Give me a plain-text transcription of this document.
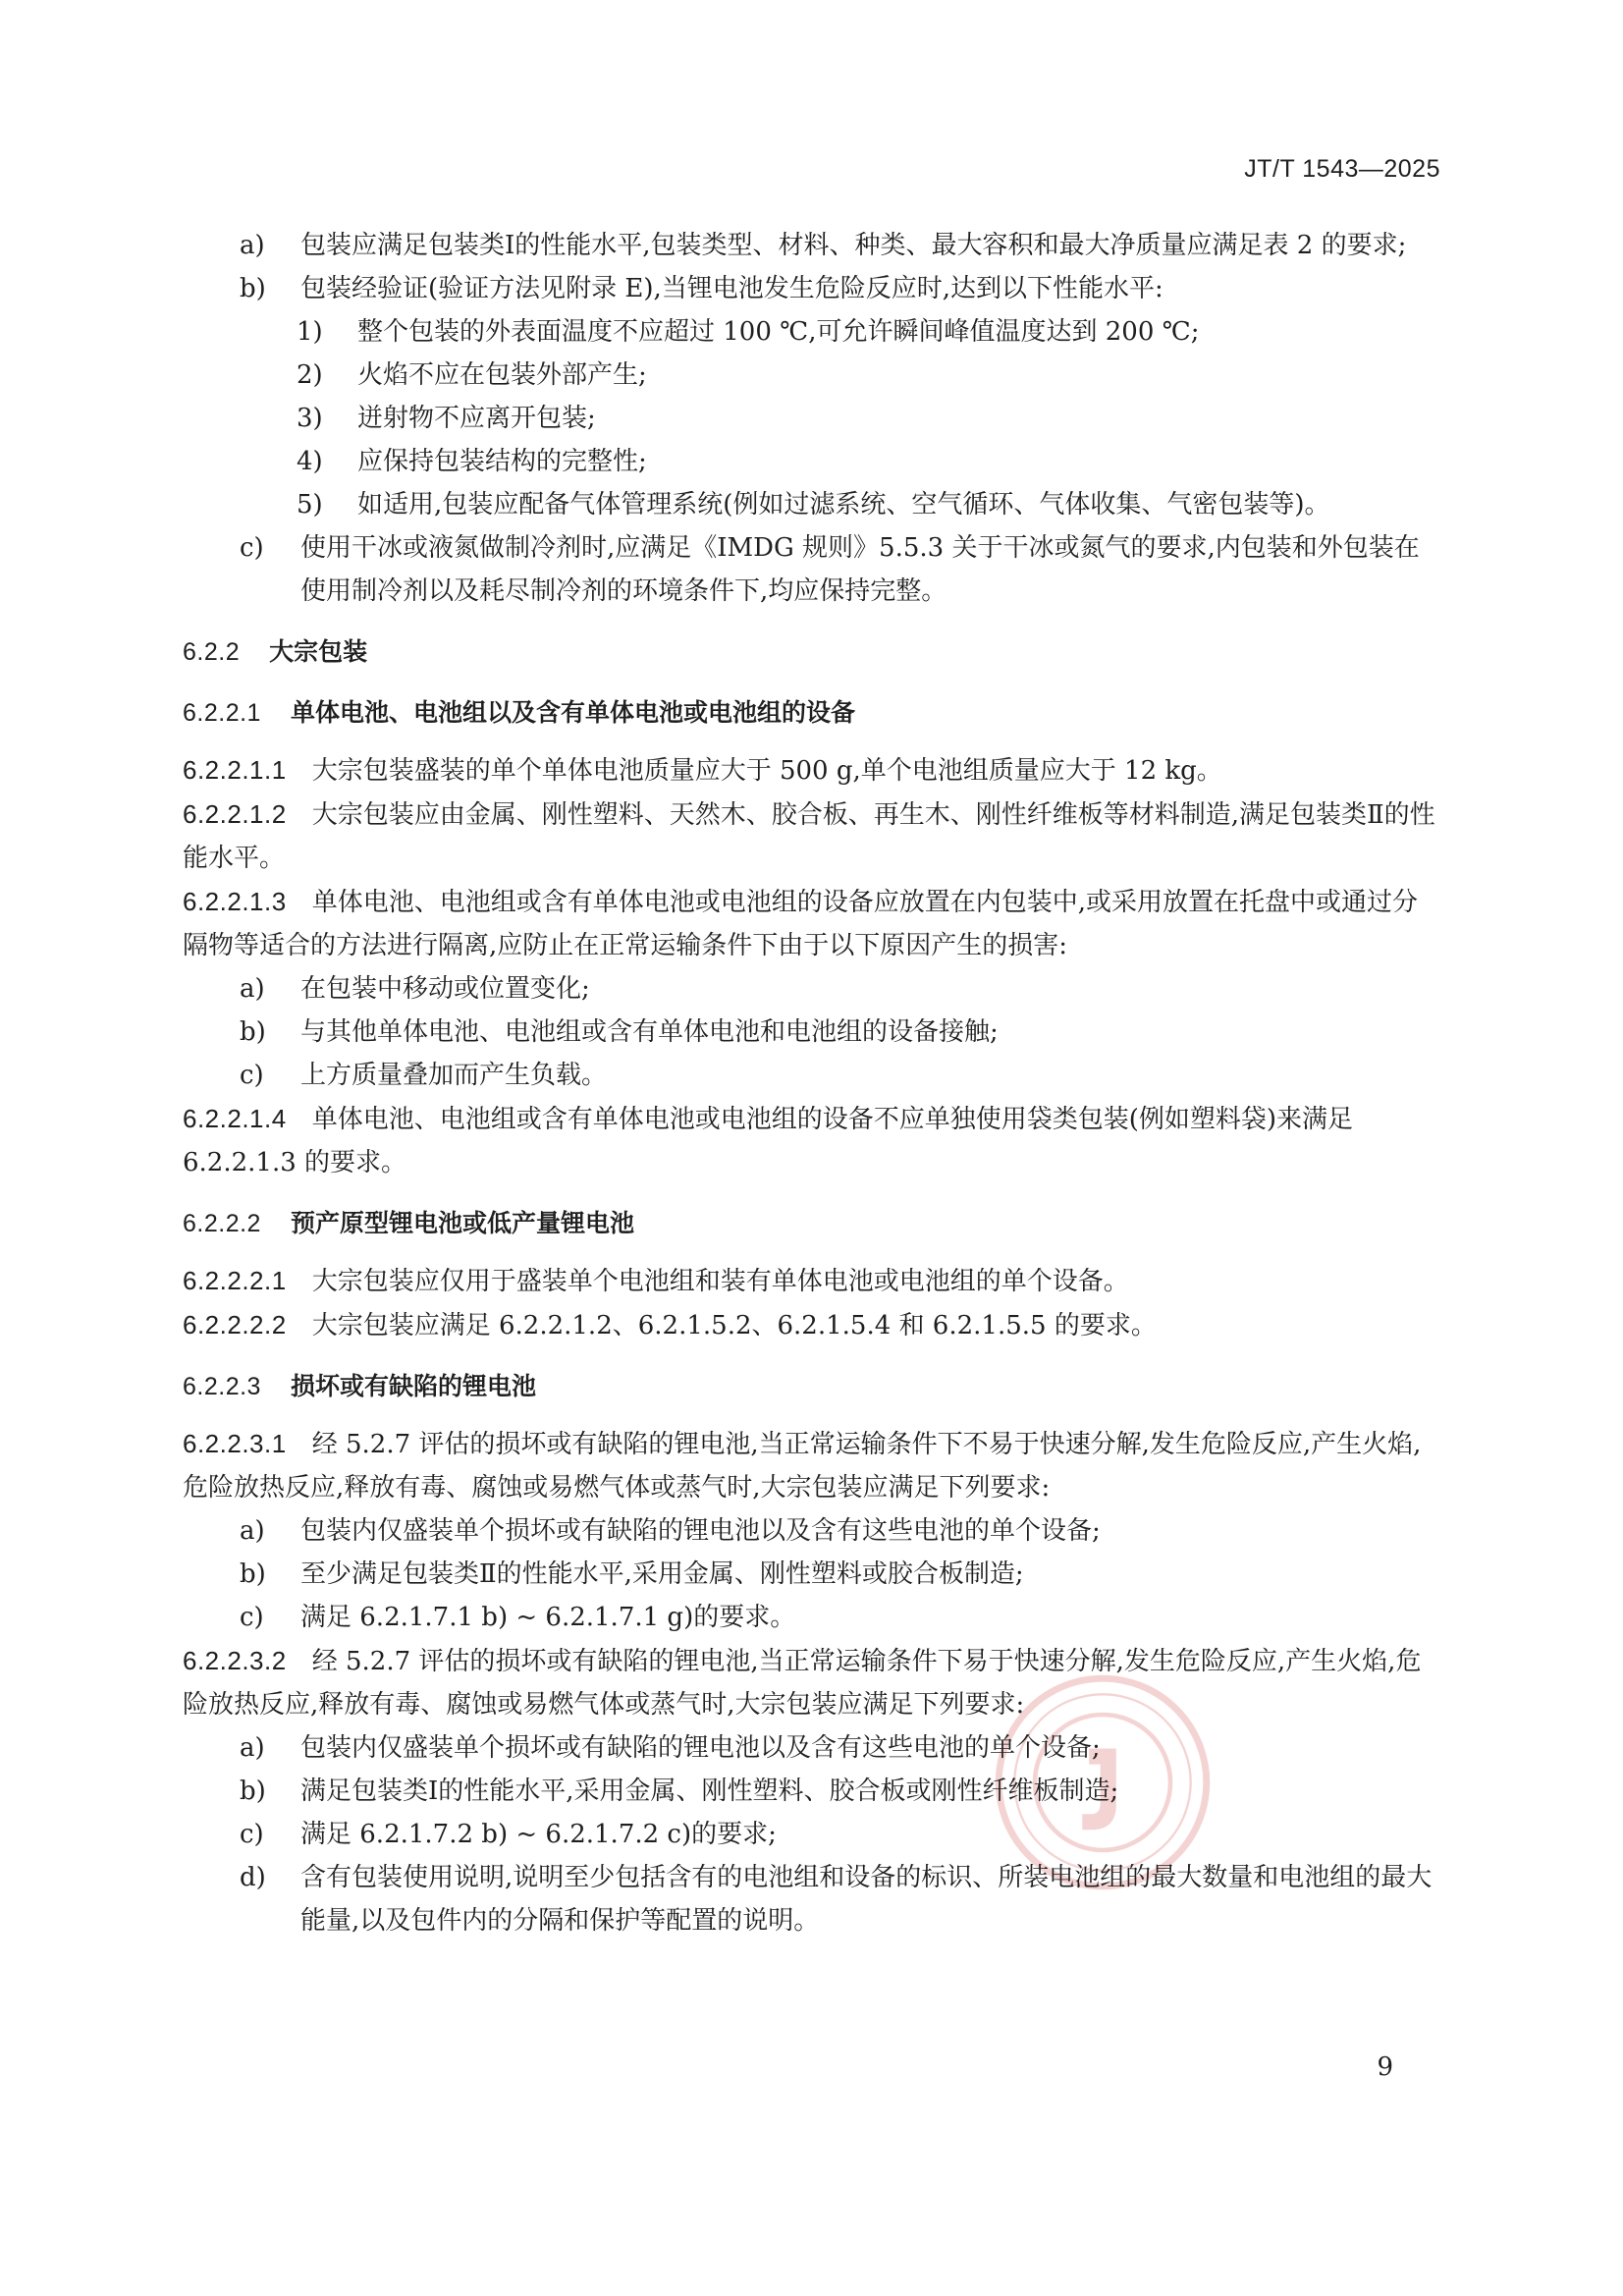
JT/T 1543—2025

a) 包装应满足包装类Ⅰ的性能水平,包装类型、材料、种类、最大容积和最大净质量应满足表 2 的要求;

b) 包装经验证(验证方法见附录 E),当锂电池发生危险反应时,达到以下性能水平:

1) 整个包装的外表面温度不应超过 100 ℃,可允许瞬间峰值温度达到 200 ℃;

2) 火焰不应在包装外部产生;

3) 迸射物不应离开包装;

4) 应保持包装结构的完整性;

5) 如适用,包装应配备气体管理系统(例如过滤系统、空气循环、气体收集、气密包装等)。

c) 使用干冰或液氮做制冷剂时,应满足《IMDG 规则》5.5.3 关于干冰或氮气的要求,内包装和外包装在使用制冷剂以及耗尽制冷剂的环境条件下,均应保持完整。

6.2.2 大宗包装
6.2.2.1 单体电池、电池组以及含有单体电池或电池组的设备

6.2.2.1.1 大宗包装盛装的单个单体电池质量应大于 500 g,单个电池组质量应大于 12 kg。

6.2.2.1.2 大宗包装应由金属、刚性塑料、天然木、胶合板、再生木、刚性纤维板等材料制造,满足包装类Ⅱ的性能水平。

6.2.2.1.3 单体电池、电池组或含有单体电池或电池组的设备应放置在内包装中,或采用放置在托盘中或通过分隔物等适合的方法进行隔离,应防止在正常运输条件下由于以下原因产生的损害:

a) 在包装中移动或位置变化;

b) 与其他单体电池、电池组或含有单体电池和电池组的设备接触;

c) 上方质量叠加而产生负载。

6.2.2.1.4 单体电池、电池组或含有单体电池或电池组的设备不应单独使用袋类包装(例如塑料袋)来满足 6.2.2.1.3 的要求。

6.2.2.2 预产原型锂电池或低产量锂电池

6.2.2.2.1 大宗包装应仅用于盛装单个电池组和装有单体电池或电池组的单个设备。

6.2.2.2.2 大宗包装应满足 6.2.2.1.2、6.2.1.5.2、6.2.1.5.4 和 6.2.1.5.5 的要求。

6.2.2.3 损坏或有缺陷的锂电池

6.2.2.3.1 经 5.2.7 评估的损坏或有缺陷的锂电池,当正常运输条件下不易于快速分解,发生危险反应,产生火焰,危险放热反应,释放有毒、腐蚀或易燃气体或蒸气时,大宗包装应满足下列要求:

a) 包装内仅盛装单个损坏或有缺陷的锂电池以及含有这些电池的单个设备;

b) 至少满足包装类Ⅱ的性能水平,采用金属、刚性塑料或胶合板制造;

c) 满足 6.2.1.7.1 b) ~ 6.2.1.7.1 g)的要求。

6.2.2.3.2 经 5.2.7 评估的损坏或有缺陷的锂电池,当正常运输条件下易于快速分解,发生危险反应,产生火焰,危险放热反应,释放有毒、腐蚀或易燃气体或蒸气时,大宗包装应满足下列要求:

a) 包装内仅盛装单个损坏或有缺陷的锂电池以及含有这些电池的单个设备;

b) 满足包装类Ⅰ的性能水平,采用金属、刚性塑料、胶合板或刚性纤维板制造;

c) 满足 6.2.1.7.2 b) ~ 6.2.1.7.2 c)的要求;

d) 含有包装使用说明,说明至少包括含有的电池组和设备的标识、所装电池组的最大数量和电池组的最大能量,以及包件内的分隔和保护等配置的说明。

9
